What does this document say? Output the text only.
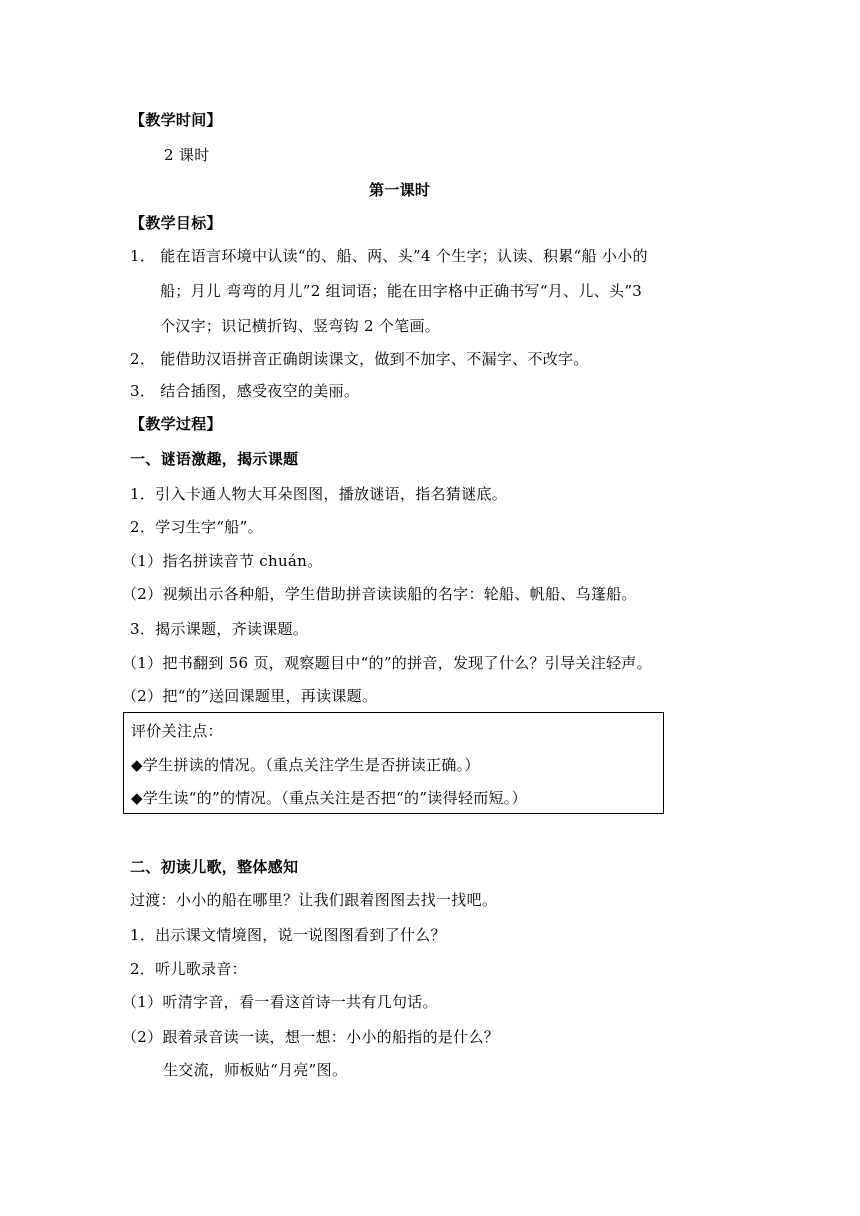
【教学时间】
2 课时
第一课时
【教学目标】
1． 能在语言环境中认读“的、船、两、头”4 个生字；认读、积累“船 小小的
船；月儿 弯弯的月儿”2 组词语；能在田字格中正确书写“月、儿、头”3
个汉字；识记横折钩、竖弯钩 2 个笔画。
2． 能借助汉语拼音正确朗读课文，做到不加字、不漏字、不改字。
3． 结合插图，感受夜空的美丽。
【教学过程】
一、谜语激趣，揭示课题
1．引入卡通人物大耳朵图图，播放谜语，指名猜谜底。
2．学习生字“船”。
（1）指名拼读音节 chuán。
（2）视频出示各种船，学生借助拼音读读船的名字：轮船、帆船、乌篷船。
3．揭示课题，齐读课题。
（1）把书翻到 56 页，观察题目中“的”的拼音，发现了什么？引导关注轻声。
（2）把“的”送回课题里，再读课题。
评价关注点：
◆学生拼读的情况。（重点关注学生是否拼读正确。）
◆学生读“的”的情况。（重点关注是否把“的”读得轻而短。）
二、初读儿歌，整体感知
过渡：小小的船在哪里？让我们跟着图图去找一找吧。
1．出示课文情境图，说一说图图看到了什么？
2．听儿歌录音：
（1）听清字音，看一看这首诗一共有几句话。
（2）跟着录音读一读，想一想：小小的船指的是什么？
生交流，师板贴“月亮”图。
